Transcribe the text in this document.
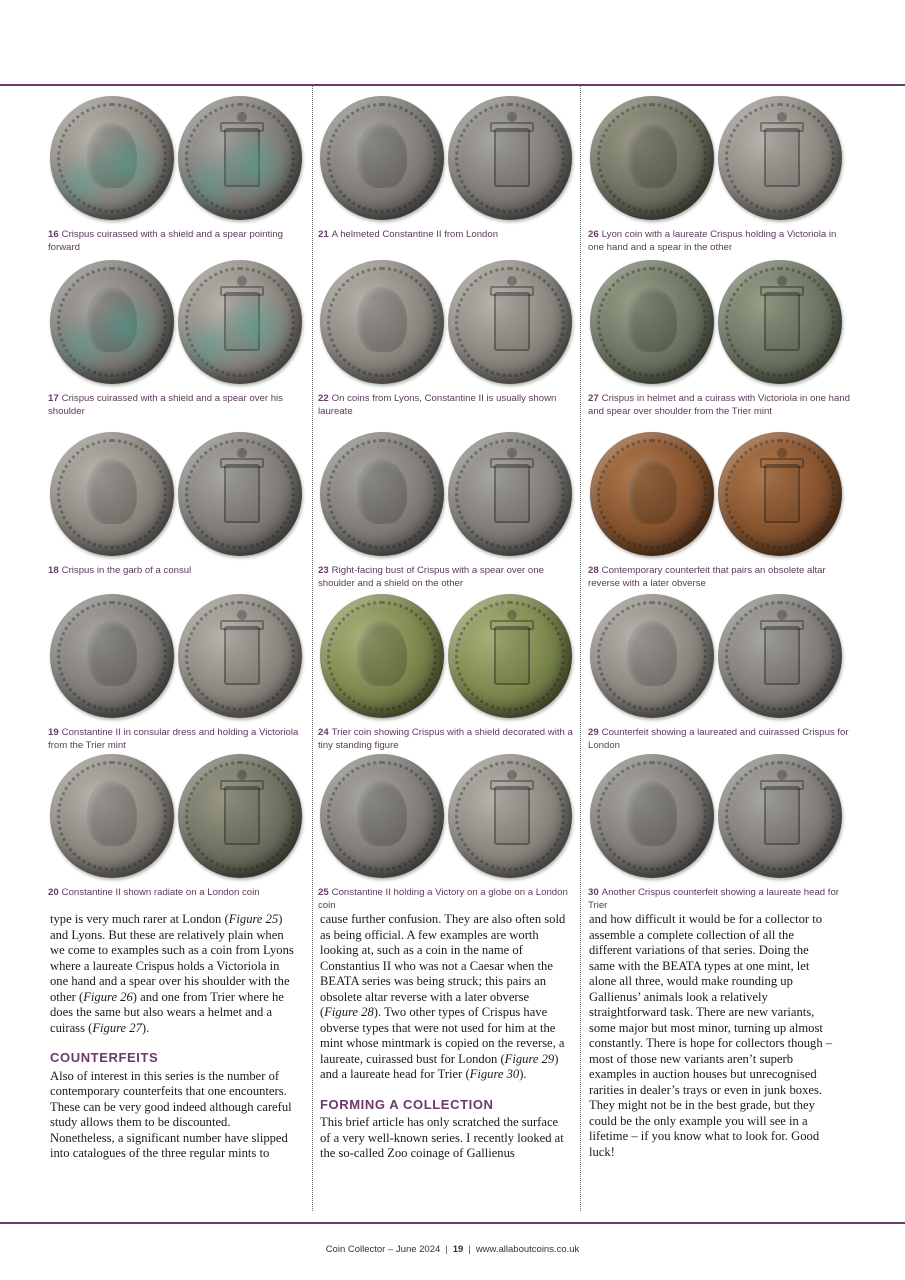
16 Crispus cuirassed with a shield and a spear pointing forward
17 Crispus cuirassed with a shield and a spear over his shoulder
18 Crispus in the garb of a consul
19 Constantine II in consular dress and holding a Victoriola from the Trier mint
20 Constantine II shown radiate on a London coin
21 A helmeted Constantine II from London
22 On coins from Lyons, Constantine II is usually shown laureate
23 Right-facing bust of Crispus with a spear over one shoulder and a shield on the other
24 Trier coin showing Crispus with a shield decorated with a tiny standing figure
25 Constantine II holding a Victory on a globe on a London coin
26 Lyon coin with a laureate Crispus holding a Victoriola in one hand and a spear in the other
27 Crispus in helmet and a cuirass with Victoriola in one hand and spear over shoulder from the Trier mint
28 Contemporary counterfeit that pairs an obsolete altar reverse with a later obverse
29 Counterfeit showing a laureated and cuirassed Crispus for London
30 Another Crispus counterfeit showing a laureate head for Trier

type is very much rarer at London (Figure 25) and Lyons. But these are relatively plain when we come to examples such as a coin from Lyons where a laureate Crispus holds a Victoriola in one hand and a spear over his shoulder with the other (Figure 26) and one from Trier where he does the same but also wears a helmet and a cuirass (Figure 27).

COUNTERFEITS

Also of interest in this series is the number of contemporary counterfeits that one encounters. These can be very good indeed although careful study allows them to be discounted. Nonetheless, a significant number have slipped into catalogues of the three regular mints to

cause further confusion. They are also often sold as being official. A few examples are worth looking at, such as a coin in the name of Constantius II who was not a Caesar when the BEATA series was being struck; this pairs an obsolete altar reverse with a later obverse (Figure 28). Two other types of Crispus have obverse types that were not used for him at the mint whose mintmark is copied on the reverse, a laureate, cuirassed bust for London (Figure 29) and a laureate head for Trier (Figure 30).

FORMING A COLLECTION

This brief article has only scratched the surface of a very well-known series. I recently looked at the so-called Zoo coinage of Gallienus

and how difficult it would be for a collector to assemble a complete collection of all the different variations of that series. Doing the same with the BEATA types at one mint, let alone all three, would make rounding up Gallienus’ animals look a relatively straightforward task. There are new variants, some major but most minor, turning up almost constantly. There is hope for collectors though – most of those new variants aren’t superb examples in auction houses but unrecognised rarities in dealer’s trays or even in junk boxes. They might not be in the best grade, but they could be the only example you will see in a lifetime – if you know what to look for. Good luck!

Coin Collector – June 2024 | 19 | www.allaboutcoins.co.uk
